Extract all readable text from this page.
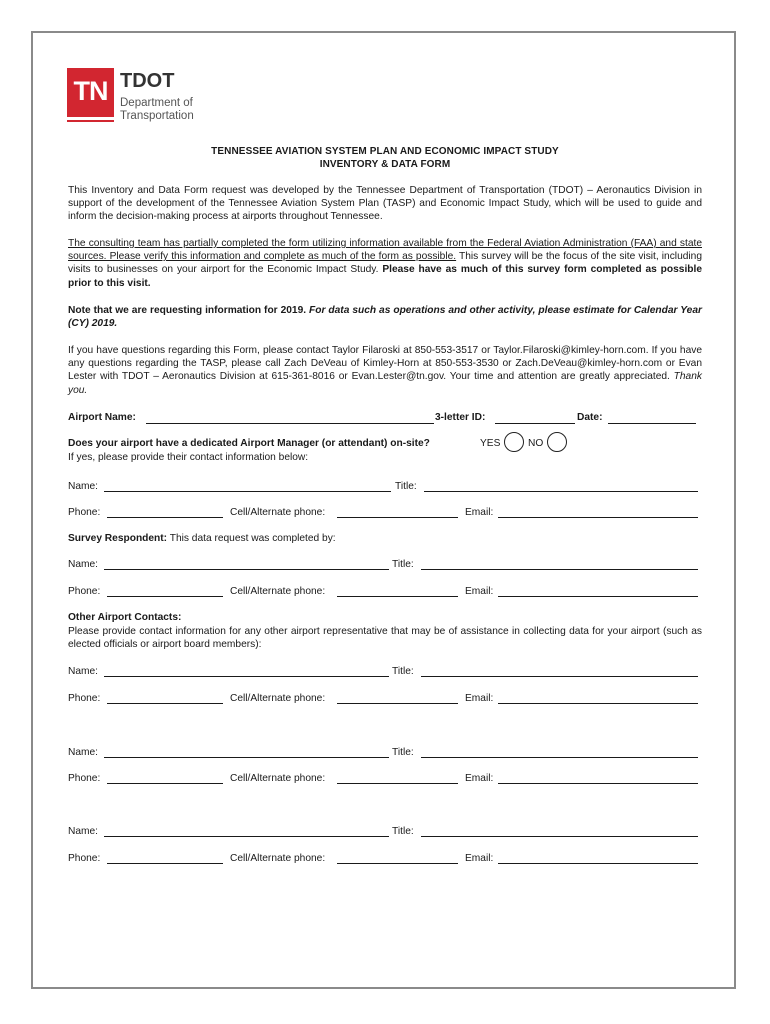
TN TDOT
Department of
Transportation
TENNESSEE AVIATION SYSTEM PLAN AND ECONOMIC IMPACT STUDY
INVENTORY & DATA FORM
This Inventory and Data Form request was developed by the Tennessee Department of Transportation (TDOT) – Aeronautics Division in support of the development of the Tennessee Aviation System Plan (TASP) and Economic Impact Study, which will be used to guide and inform the decision-making process at airports throughout Tennessee.
The consulting team has partially completed the form utilizing information available from the Federal Aviation Administration (FAA) and state sources. Please verify this information and complete as much of the form as possible. This survey will be the focus of the site visit, including visits to businesses on your airport for the Economic Impact Study. Please have as much of this survey form completed as possible prior to this visit.
Note that we are requesting information for 2019. For data such as operations and other activity, please estimate for Calendar Year (CY) 2019.
If you have questions regarding this Form, please contact Taylor Filaroski at 850-553-3517 or Taylor.Filaroski@kimley-horn.com. If you have any questions regarding the TASP, please call Zach DeVeau of Kimley-Horn at 850-553-3530 or Zach.DeVeau@kimley-horn.com or Evan Lester with TDOT – Aeronautics Division at 615-361-8016 or Evan.Lester@tn.gov. Your time and attention are greatly appreciated. Thank you.
Airport Name:	3-letter ID:	Date:
Does your airport have a dedicated Airport Manager (or attendant) on-site?	YES	NO
If yes, please provide their contact information below:
Name:	Title:
Phone:	Cell/Alternate phone:	Email:
Survey Respondent: This data request was completed by:
Name:	Title:
Phone:	Cell/Alternate phone:	Email:
Other Airport Contacts:
Please provide contact information for any other airport representative that may be of assistance in collecting data for your airport (such as elected officials or airport board members):
Name:	Title:
Phone:	Cell/Alternate phone:	Email:
Name:	Title:
Phone:	Cell/Alternate phone:	Email:
Name:	Title:
Phone:	Cell/Alternate phone:	Email:
